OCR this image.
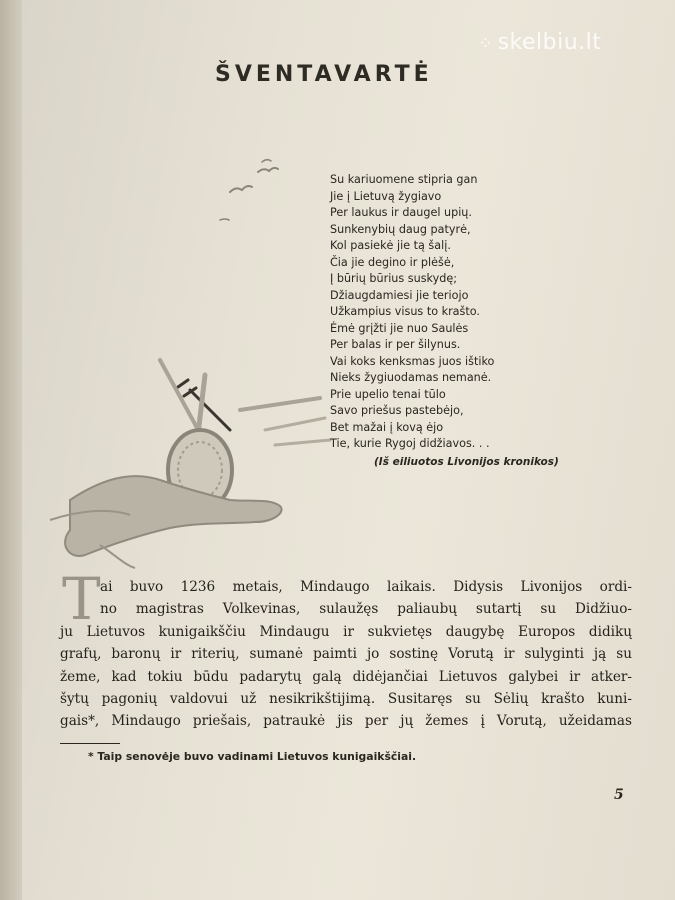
⁘ skelbiu.lt
ŠVENTAVARTĖ
Su kariuomene stipria gan
Jie į Lietuvą žygiavo
Per laukus ir daugel upių.
Sunkenybių daug patyrė,
Kol pasiekė jie tą šalį.
Čia jie degino ir plėšė,
Į būrių būrius suskydę;
Džiaugdamiesi jie teriojo
Užkampius visus to krašto.
Ėmė grįžti jie nuo Saulės
Per balas ir per šilynus.
Vai koks kenksmas juos ištiko
Nieks žygiuodamas nemanė.
Prie upelio tenai tūlo
Savo priešus pastebėjo,
Bet mažai į kovą ėjo
Tie, kurie Rygoj didžiavos. . .
(Iš eiliuotos Livonijos kronikos)
T ai buvo 1236 metais, Mindaugo laikais. Didysis Livonijos ordi-
no magistras Volkevinas, sulaužęs paliaubų sutartį su Didžiuo-
ju Lietuvos kunigaikščiu Mindaugu ir sukvietęs daugybę Europos didikų
grafų, baronų ir riterių, sumanė paimti jo sostinę Vorutą ir sulyginti ją su
žeme, kad tokiu būdu padarytų galą didėjančiai Lietuvos galybei ir atker-
šytų pagonių valdovui už nesikrikštijimą. Susitaręs su Sėlių krašto kuni-
gais*, Mindaugo priešais, patraukė jis per jų žemes į Vorutą, užeidamas
* Taip senovėje buvo vadinami Lietuvos kunigaikščiai.
5
